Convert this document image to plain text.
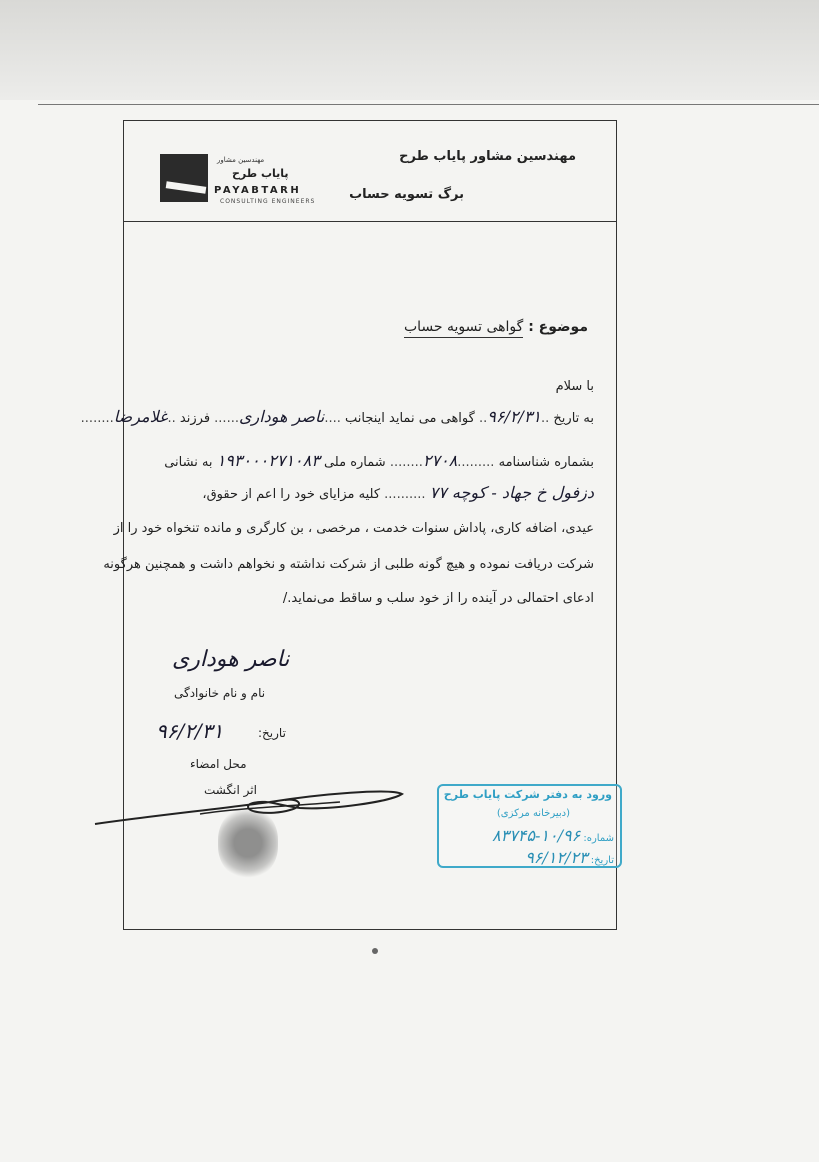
مهندسین مشاور پایاب طرح
برگ تسویه حساب
مهندسین مشاور
پایاب طرح
PAYABTARH
CONSULTING ENGINEERS
موضوع : گواهی تسویه حساب
با سلام
به تاریخ ..۹۶/۲/۳۱.. گواهی می نماید اینجانب ....ناصر هوداری...... فرزند ..غلامرضا........
بشماره شناسنامه .........۲۷۰۸........ شماره ملی ۱۹۳۰۰۰۲۷۱۰۸۳ به نشانی
دزفول خ جهاد - کوچه ۷۷ .......... کلیه مزایای خود را اعم از حقوق،
عیدی، اضافه کاری، پاداش سنوات خدمت ، مرخصی ، بن کارگری و مانده تنخواه خود را از
شرکت دریافت نموده و هیچ گونه طلبی از شرکت نداشته و نخواهم داشت و همچنین هرگونه
ادعای احتمالی در آینده را از خود سلب و ساقط می‌نماید./
ناصر هوداری
نام و نام خانوادگی
تاریخ:
۹۶/۲/۳۱
محل امضاء
اثر انگشت	ورود به دفتر شرکت پایاب طرح
(دبیرخانه مرکزی)
شماره: ۱۰/۹۶-۸۳۷۴۵
تاریخ: ۹۶/۱۲/۲۳
